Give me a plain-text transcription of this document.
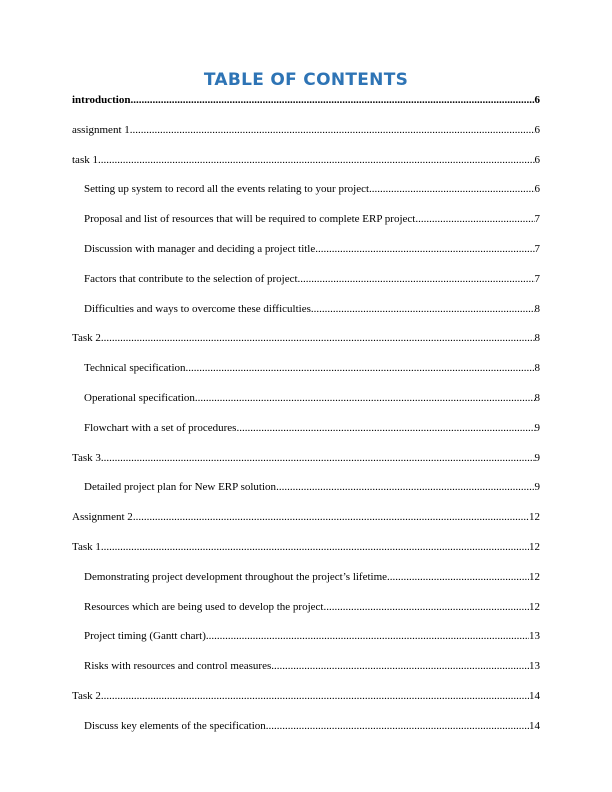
TABLE OF CONTENTS
introduction .....	6
assignment 1 .....	6
task 1 .....	6
Setting up system to record all the events relating to your project .....	6
Proposal and list of resources that will be required to complete ERP project .....	7
Discussion with manager and deciding a project title .....	7
Factors that contribute to the selection of project .....	7
Difficulties and ways to overcome these difficulties .....	8
Task 2 .....	8
Technical specification .....	8
Operational specification .....	8
Flowchart with a set of procedures .....	9
Task 3 .....	9
Detailed project plan for New ERP solution .....	9
Assignment 2 .....	12
Task 1 .....	12
Demonstrating project development throughout the project’s lifetime .....	12
Resources which are being used to develop the project .....	12
Project timing (Gantt chart) .....	13
Risks with resources and control measures .....	13
Task 2 .....	14
Discuss key elements of the specification .....	14
